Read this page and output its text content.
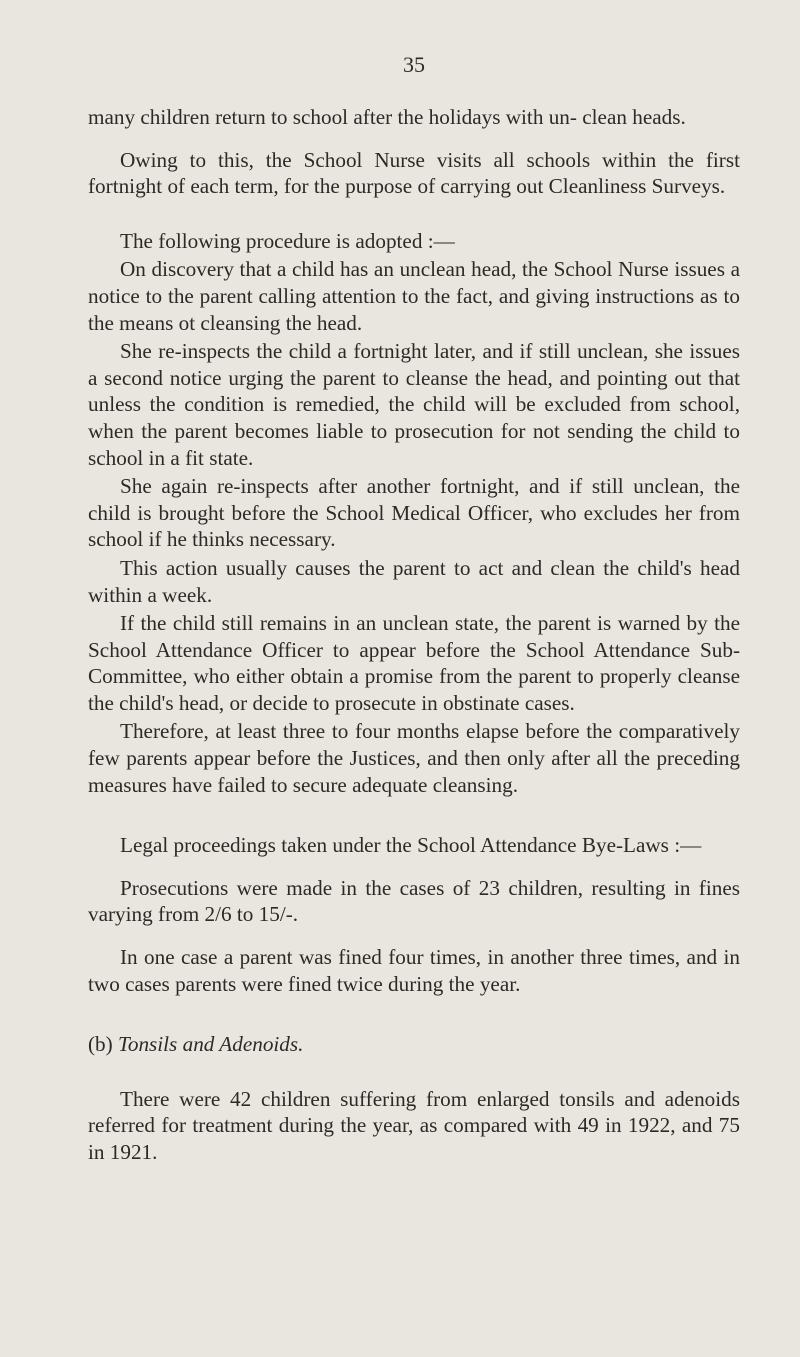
35

many children return to school after the holidays with un- clean heads.

Owing to this, the School Nurse visits all schools within the first fortnight of each term, for the purpose of carrying out Cleanliness Surveys.

The following procedure is adopted :—

On discovery that a child has an unclean head, the School Nurse issues a notice to the parent calling attention to the fact, and giving instructions as to the means ot cleansing the head.

She re-inspects the child a fortnight later, and if still unclean, she issues a second notice urging the parent to cleanse the head, and pointing out that unless the condition is remedied, the child will be excluded from school, when the parent becomes liable to prosecution for not sending the child to school in a fit state.

She again re-inspects after another fortnight, and if still unclean, the child is brought before the School Medical Officer, who excludes her from school if he thinks necessary.

This action usually causes the parent to act and clean the child's head within a week.

If the child still remains in an unclean state, the parent is warned by the School Attendance Officer to appear before the School Attendance Sub-Committee, who either obtain a promise from the parent to properly cleanse the child's head, or decide to prosecute in obstinate cases.

Therefore, at least three to four months elapse before the comparatively few parents appear before the Justices, and then only after all the preceding measures have failed to secure adequate cleansing.

Legal proceedings taken under the School Attendance Bye-Laws :—

Prosecutions were made in the cases of 23 children, resulting in fines varying from 2/6 to 15/-.

In one case a parent was fined four times, in another three times, and in two cases parents were fined twice during the year.

(b) Tonsils and Adenoids.

There were 42 children suffering from enlarged tonsils and adenoids referred for treatment during the year, as compared with 49 in 1922, and 75 in 1921.
